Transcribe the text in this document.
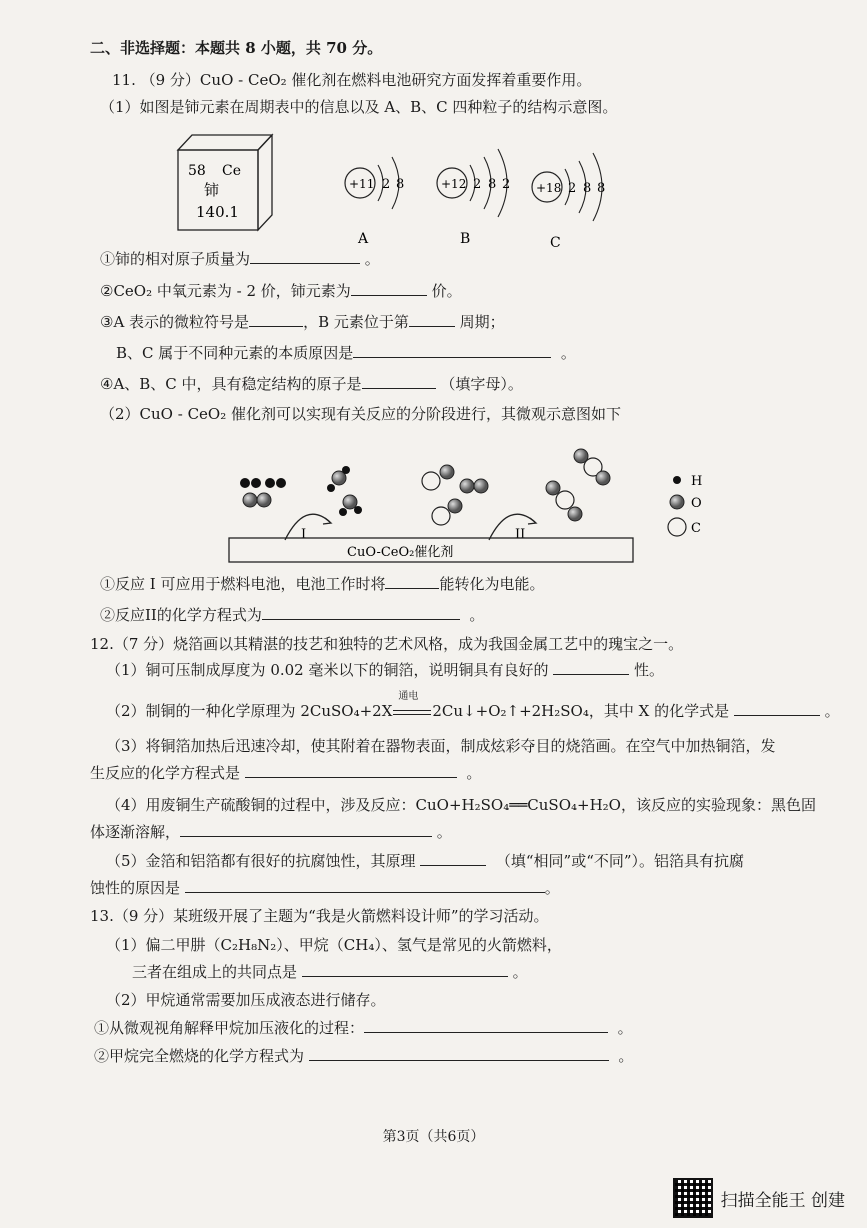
二、非选择题：本题共 8 小题，共 70 分。
11. （9 分）CuO - CeO₂ 催化剂在燃料电池研究方面发挥着重要作用。
（1）如图是铈元素在周期表中的信息以及 A、B、C 四种粒子的结构示意图。
58 Ce
铈
140.1
+11 2 8
A
+12 2 8 2
B
+18 2 8 8
C
①铈的相对原子质量为	。
②CeO₂ 中氧元素为 - 2 价，铈元素为	价。
③A 表示的微粒符号是	，B 元素位于第	周期；
B、C 属于不同种元素的本质原因是	。
④A、B、C 中，具有稳定结构的原子是	（填字母）。
（2）CuO - CeO₂ 催化剂可以实现有关反应的分阶段进行，其微观示意图如下
I	II
CuO-CeO₂催化剂
H
O
C
①反应 I 可应用于燃料电池，电池工作时将	能转化为电能。
②反应II的化学方程式为	。
12.（7 分）烧箔画以其精湛的技艺和独特的艺术风格，成为我国金属工艺中的瑰宝之一。
（1）铜可压制成厚度为 0.02 毫米以下的铜箔，说明铜具有良好的	性。
（2）制铜的一种化学原理为 2CuSO₄+2X
通电
2Cu↓+O₂↑+2H₂SO₄，其中 X 的化学式是	。
（3）将铜箔加热后迅速冷却，使其附着在器物表面，制成炫彩夺目的烧箔画。在空气中加热铜箔，发
生反应的化学方程式是	。
（4）用废铜生产硫酸铜的过程中，涉及反应：CuO+H₂SO₄══CuSO₄+H₂O，该反应的实验现象：黑色固
体逐渐溶解，	。
（5）金箔和铝箔都有很好的抗腐蚀性，其原理	（填“相同”或“不同”）。铝箔具有抗腐
蚀性的原因是	。
13.（9 分）某班级开展了主题为“我是火箭燃料设计师”的学习活动。
（1）偏二甲肼（C₂H₈N₂）、甲烷（CH₄）、氢气是常见的火箭燃料，
三者在组成上的共同点是	。
（2）甲烷通常需要加压成液态进行储存。
①从微观视角解释甲烷加压液化的过程：	。
②甲烷完全燃烧的化学方程式为	。
第3页（共6页）
扫描全能王 创建
